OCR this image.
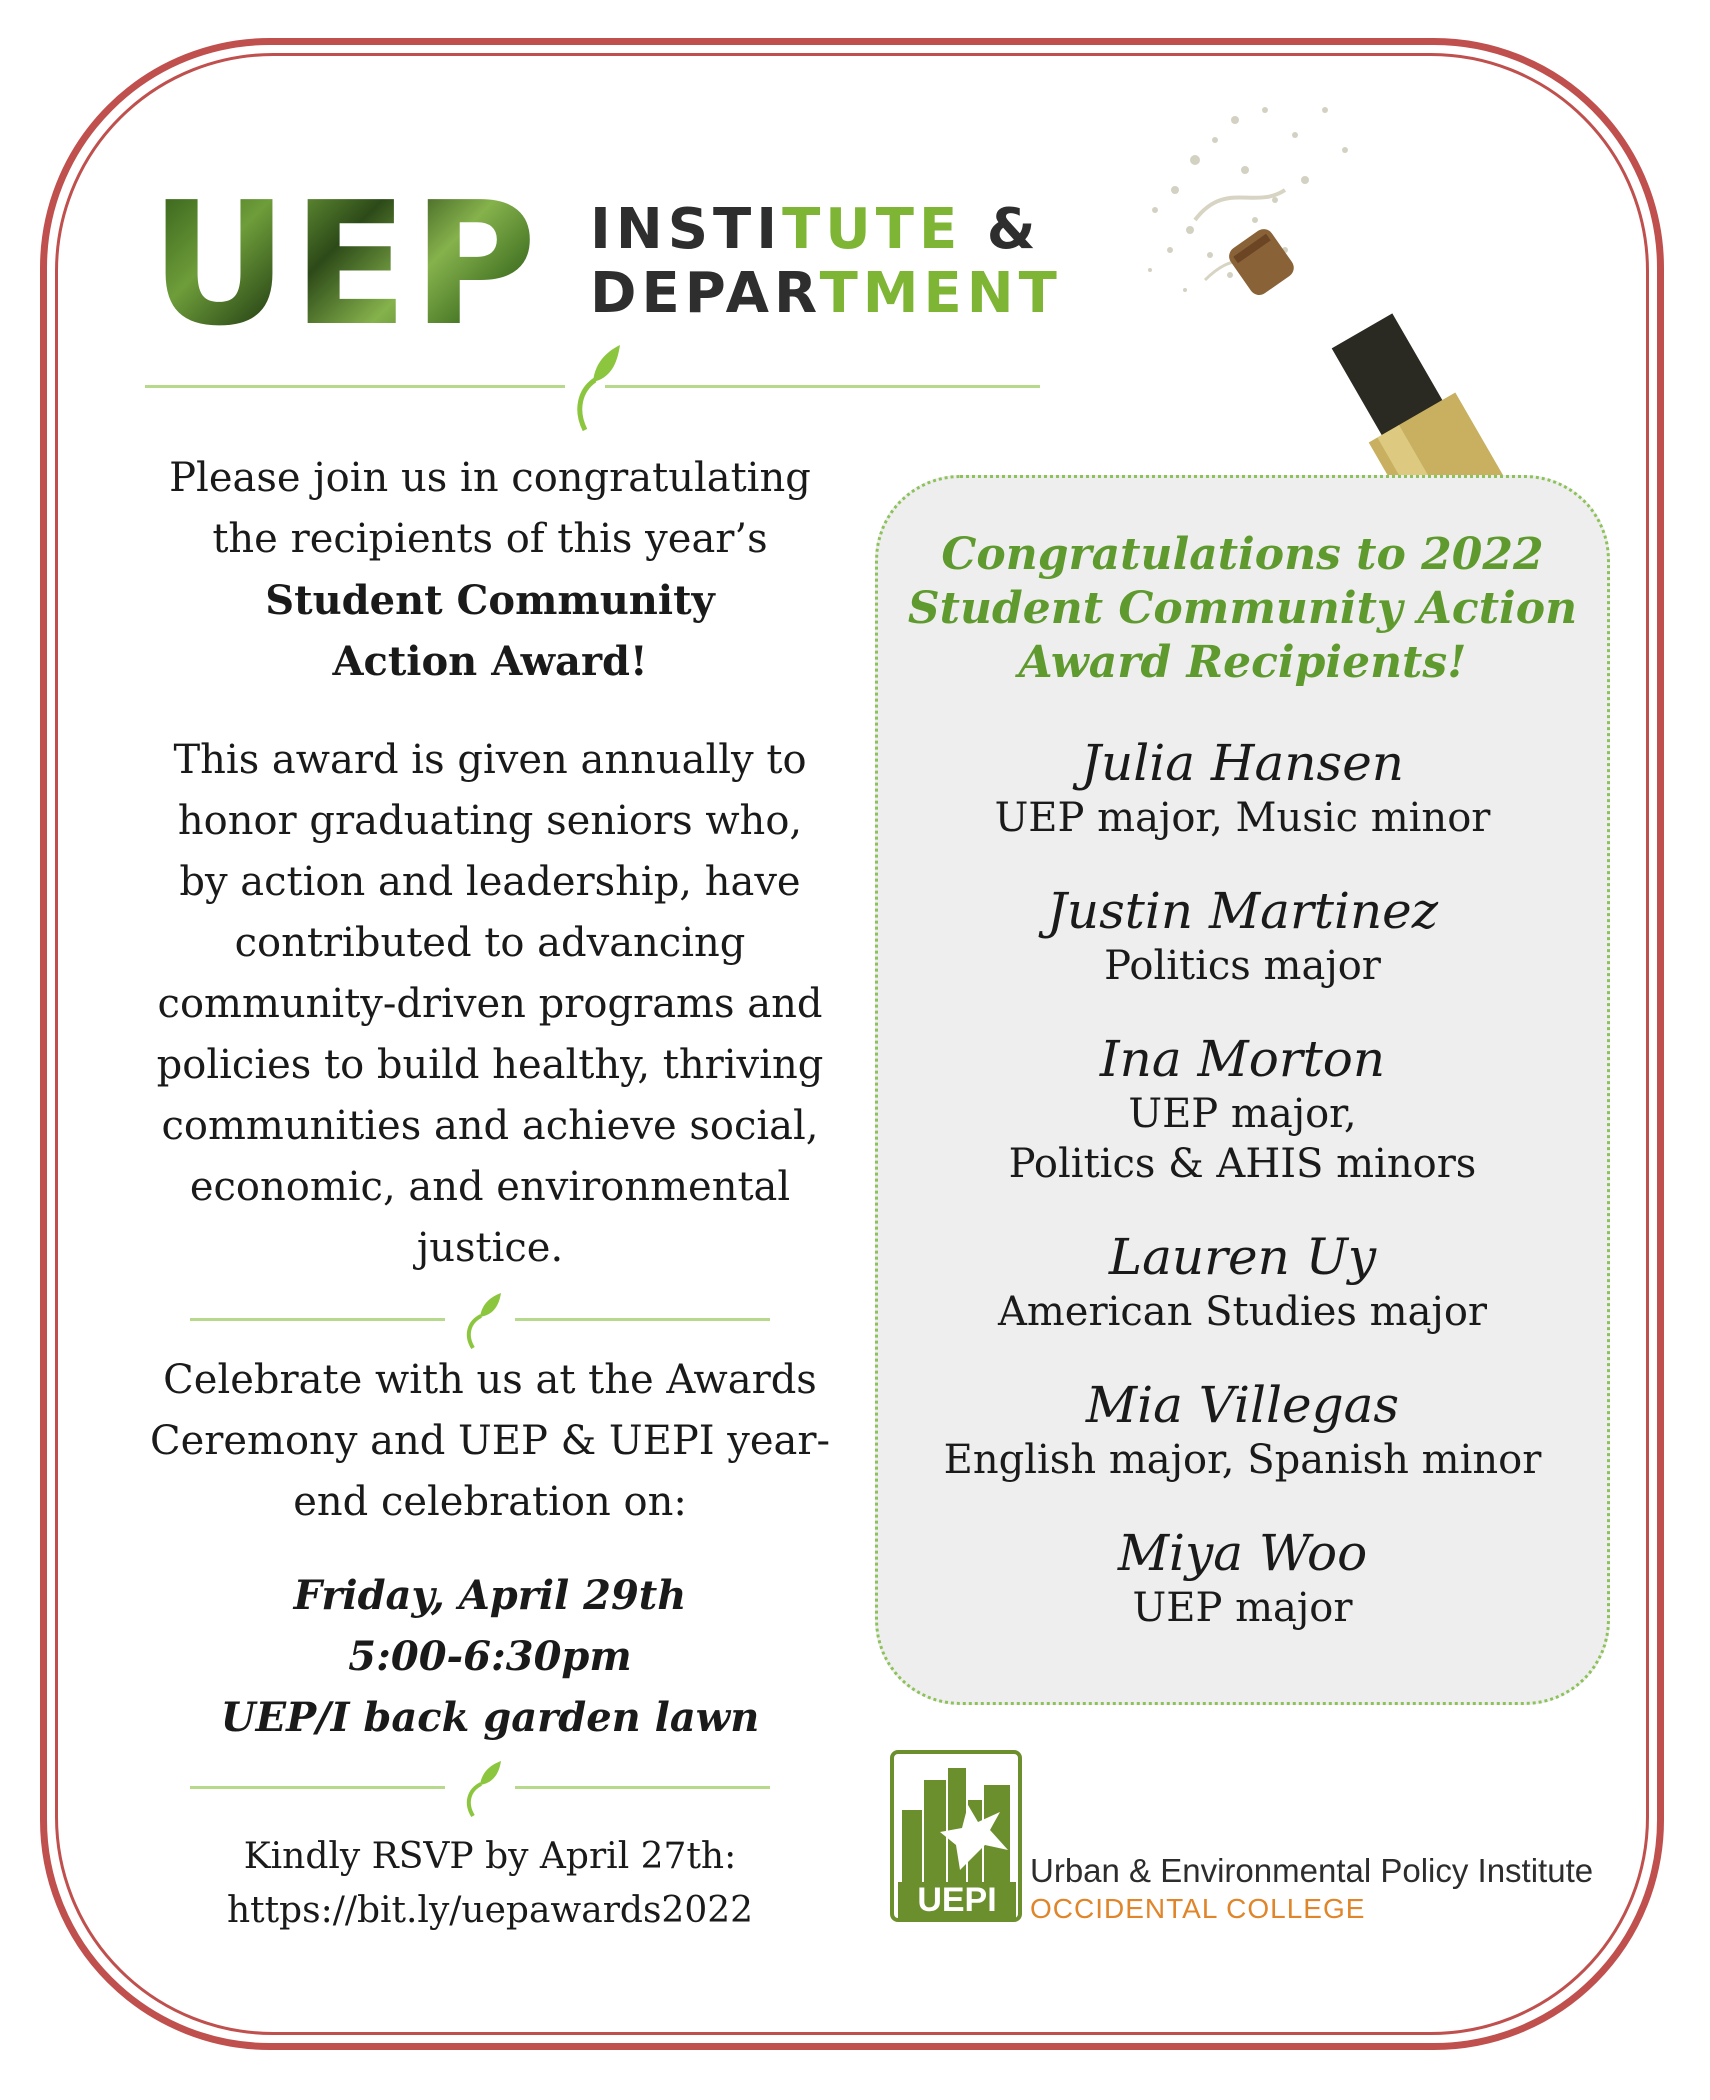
UEP INSTITUTE &
DEPARTMENT
Please join us in congratulating
the recipients of this year’s
Student Community
Action Award!
This award is given annually to
honor graduating seniors who,
by action and leadership, have
contributed to advancing
community-driven programs and
policies to build healthy, thriving
communities and achieve social,
economic, and environmental
justice.
Celebrate with us at the Awards
Ceremony and UEP & UEPI year-
end celebration on:
Friday, April 29th
5:00-6:30pm
UEP/I back garden lawn
Kindly RSVP by April 27th:
https://bit.ly/uepawards2022
Congratulations to 2022
Student Community Action
Award Recipients!
Julia Hansen
UEP major, Music minor
Justin Martinez
Politics major
Ina Morton
UEP major,
Politics & AHIS minors
Lauren Uy
American Studies major
Mia Villegas
English major, Spanish minor
Miya Woo
UEP major
UEPI
Urban & Environmental Policy Institute
OCCIDENTAL COLLEGE
